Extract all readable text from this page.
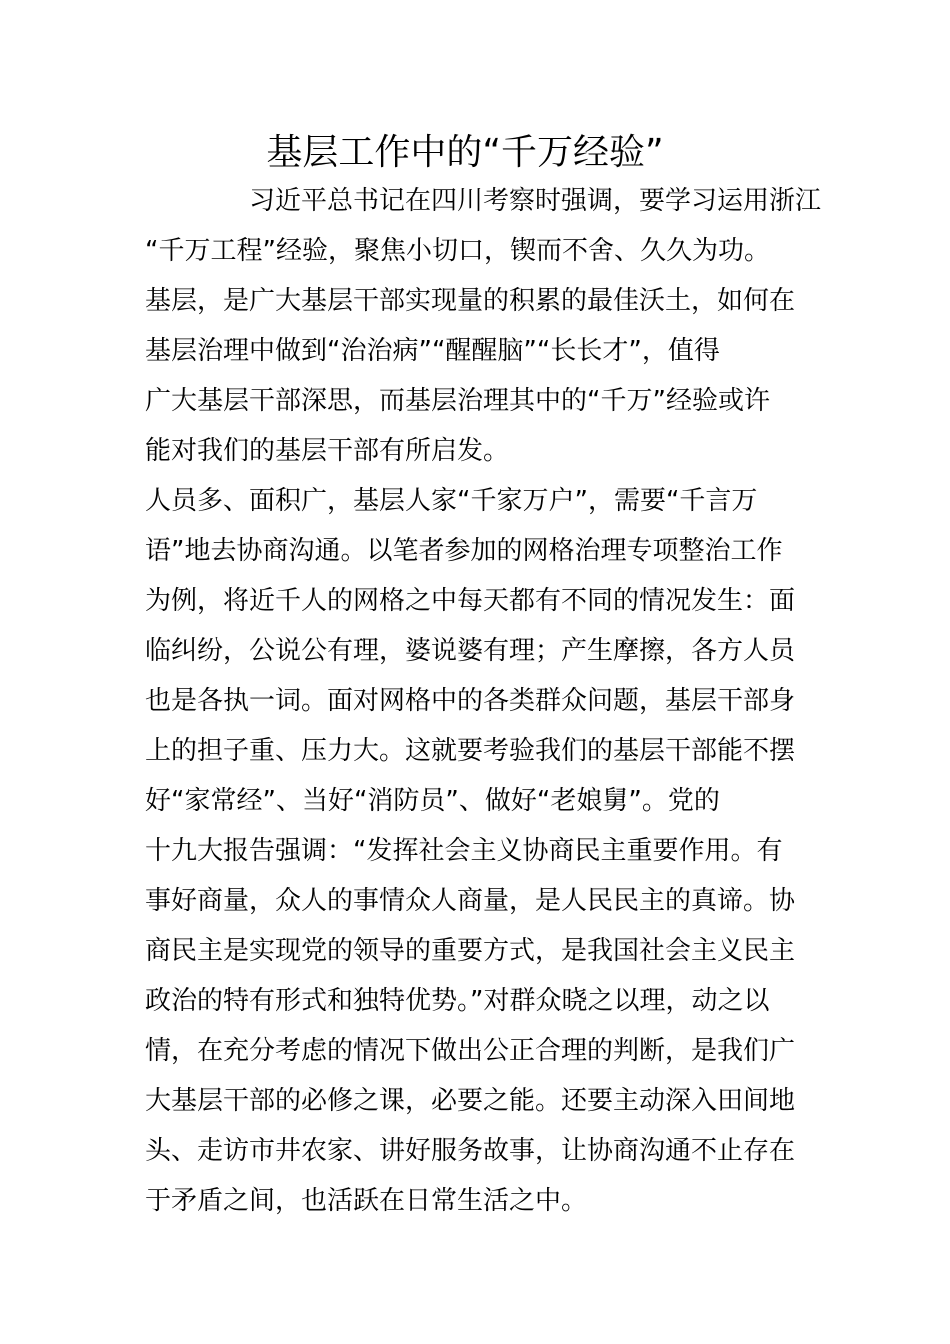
基层工作中的“千万经验”
　　　　习近平总书记在四川考察时强调，要学习运用浙江
“千万工程”经验，聚焦小切口，锲而不舍、久久为功。
基层，是广大基层干部实现量的积累的最佳沃土，如何在
基层治理中做到“治治病”“醒醒脑”“长长才”，值得
广大基层干部深思，而基层治理其中的“千万”经验或许
能对我们的基层干部有所启发。
人员多、面积广，基层人家“千家万户”，需要“千言万
语”地去协商沟通。以笔者参加的网格治理专项整治工作
为例，将近千人的网格之中每天都有不同的情况发生：面
临纠纷，公说公有理，婆说婆有理；产生摩擦，各方人员
也是各执一词。面对网格中的各类群众问题，基层干部身
上的担子重、压力大。这就要考验我们的基层干部能不摆
好“家常经”、当好“消防员”、做好“老娘舅”。党的
十九大报告强调：“发挥社会主义协商民主重要作用。有
事好商量，众人的事情众人商量，是人民民主的真谛。协
商民主是实现党的领导的重要方式，是我国社会主义民主
政治的特有形式和独特优势。”对群众晓之以理，动之以
情，在充分考虑的情况下做出公正合理的判断，是我们广
大基层干部的必修之课，必要之能。还要主动深入田间地
头、走访市井农家、讲好服务故事，让协商沟通不止存在
于矛盾之间，也活跃在日常生活之中。
